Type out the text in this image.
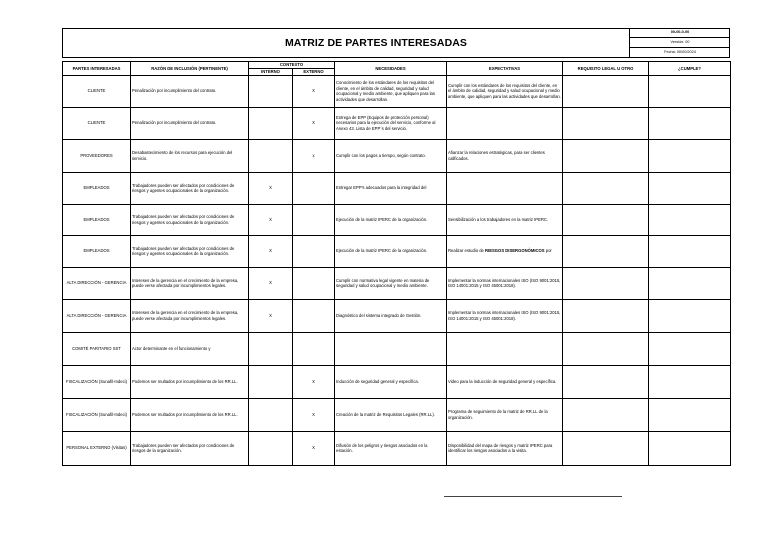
MATRIZ DE PARTES INTERESADAS
00-00-0-00
Versión: 00
Fecha: 00/00/2024
PARTES INTERESADAS	RAZÓN DE INCLUSIÓN (PERTINENTE)	CONTEXTO		NECESIDADES	EXPECTATIVAS	REQUISITO LEGAL U OTRO	¿CUMPLE?
		INTERNO	EXTERNO				
CLIENTE	Penalización por incumplimiento del contrato.		X	Conocimiento de los estándares de los requisitos del cliente, en el ámbito de calidad, seguridad y salud ocupacional y medio ambiente, que apliquen para las actividades que desarrollan.	Cumplir con los estándares de los requisitos del cliente, en el ámbito de calidad, seguridad y salud ocupacional y medio ambiente, que apliquen para las actividades que desarrollan.		
CLIENTE	Penalización por incumplimiento del contrato.		X	Entrega de EPP (Equipos de protección personal) necesarios para la ejecución del servicio, conforme al Anexo 43. Lista de EPP´s del servicio.			
PROVEEDORES	Desabastecimiento de los recursos para ejecución del servicio.		x	Cumplir con los pagos a tiempo, según contrato.	Afianzar la relaciones estratégicas, para ser clientes calificados.		
EMPLEADOS	Trabajadores pueden ser afectados por condiciones de riesgos y agentes ocupacionales de la organización.	X		Entregar EPP's adecuados para la integridad del			
EMPLEADOS	Trabajadores pueden ser afectados por condiciones de riesgos y agentes ocupacionales de la organización.	X		Ejecución de la matriz IPERC de la organización.	Sensibilización a los trabajadores en la matriz IPERC.		
EMPLEADOS	Trabajadores pueden ser afectados por condiciones de riesgos y agentes ocupacionales de la organización.	X		Ejecución de la matriz IPERC de la organización.	Realizar estudio de RIESGOS DISERGONÓMICOS por		
ALTA DIRECCIÓN - GERENCIA	Intereses de la gerencia en el crecimiento de la empresa, puede verse afectada por incumplimientos legales.	X		Cumplir con normativa legal vigente en materia de seguridad y salud ocupacional y medio ambiente.	Implementar la normas internacionales ISO (ISO 9001:2015, ISO 14001:2015 y ISO 45001:2018).		
ALTA DIRECCIÓN - GERENCIA	Intereses de la gerencia en el crecimiento de la empresa, puede verse afectada por incumplimientos legales.	X		Diagnóstico del sistema integrado de Gestión.	Implementar la normas internacionales ISO (ISO 9001:2015, ISO 14001:2015 y ISO 45001:2018).		
COMITÉ PARITARIO SST	Actor determinante en el funcionamiento y						
FISCALIZACIÓN (Sunafil-Indeci)	Podemos ser multados por incumplimiento de los RR.LL.		X	Inducción de seguridad general y específica.	Video para la inducción de seguridad general y específica.		
FISCALIZACIÓN (Sunafil-Indeci)	Podemos ser multados por incumplimiento de los RR.LL.		X	Creación de la matriz de Requisitos Legales (RR.LL).	Programa de seguimiento de la matriz de RR.LL de la organización.		
PERSONAL EXTERNO (Visitas)	Trabajadores pueden ser afectados por condiciones de riesgos de la organización.		X	Difusión de los peligros y riesgos asociados en la estación.	Disponibilidad del mapa de riesgos y matriz IPERC para identificar los riesgos asociados a la visita.		
